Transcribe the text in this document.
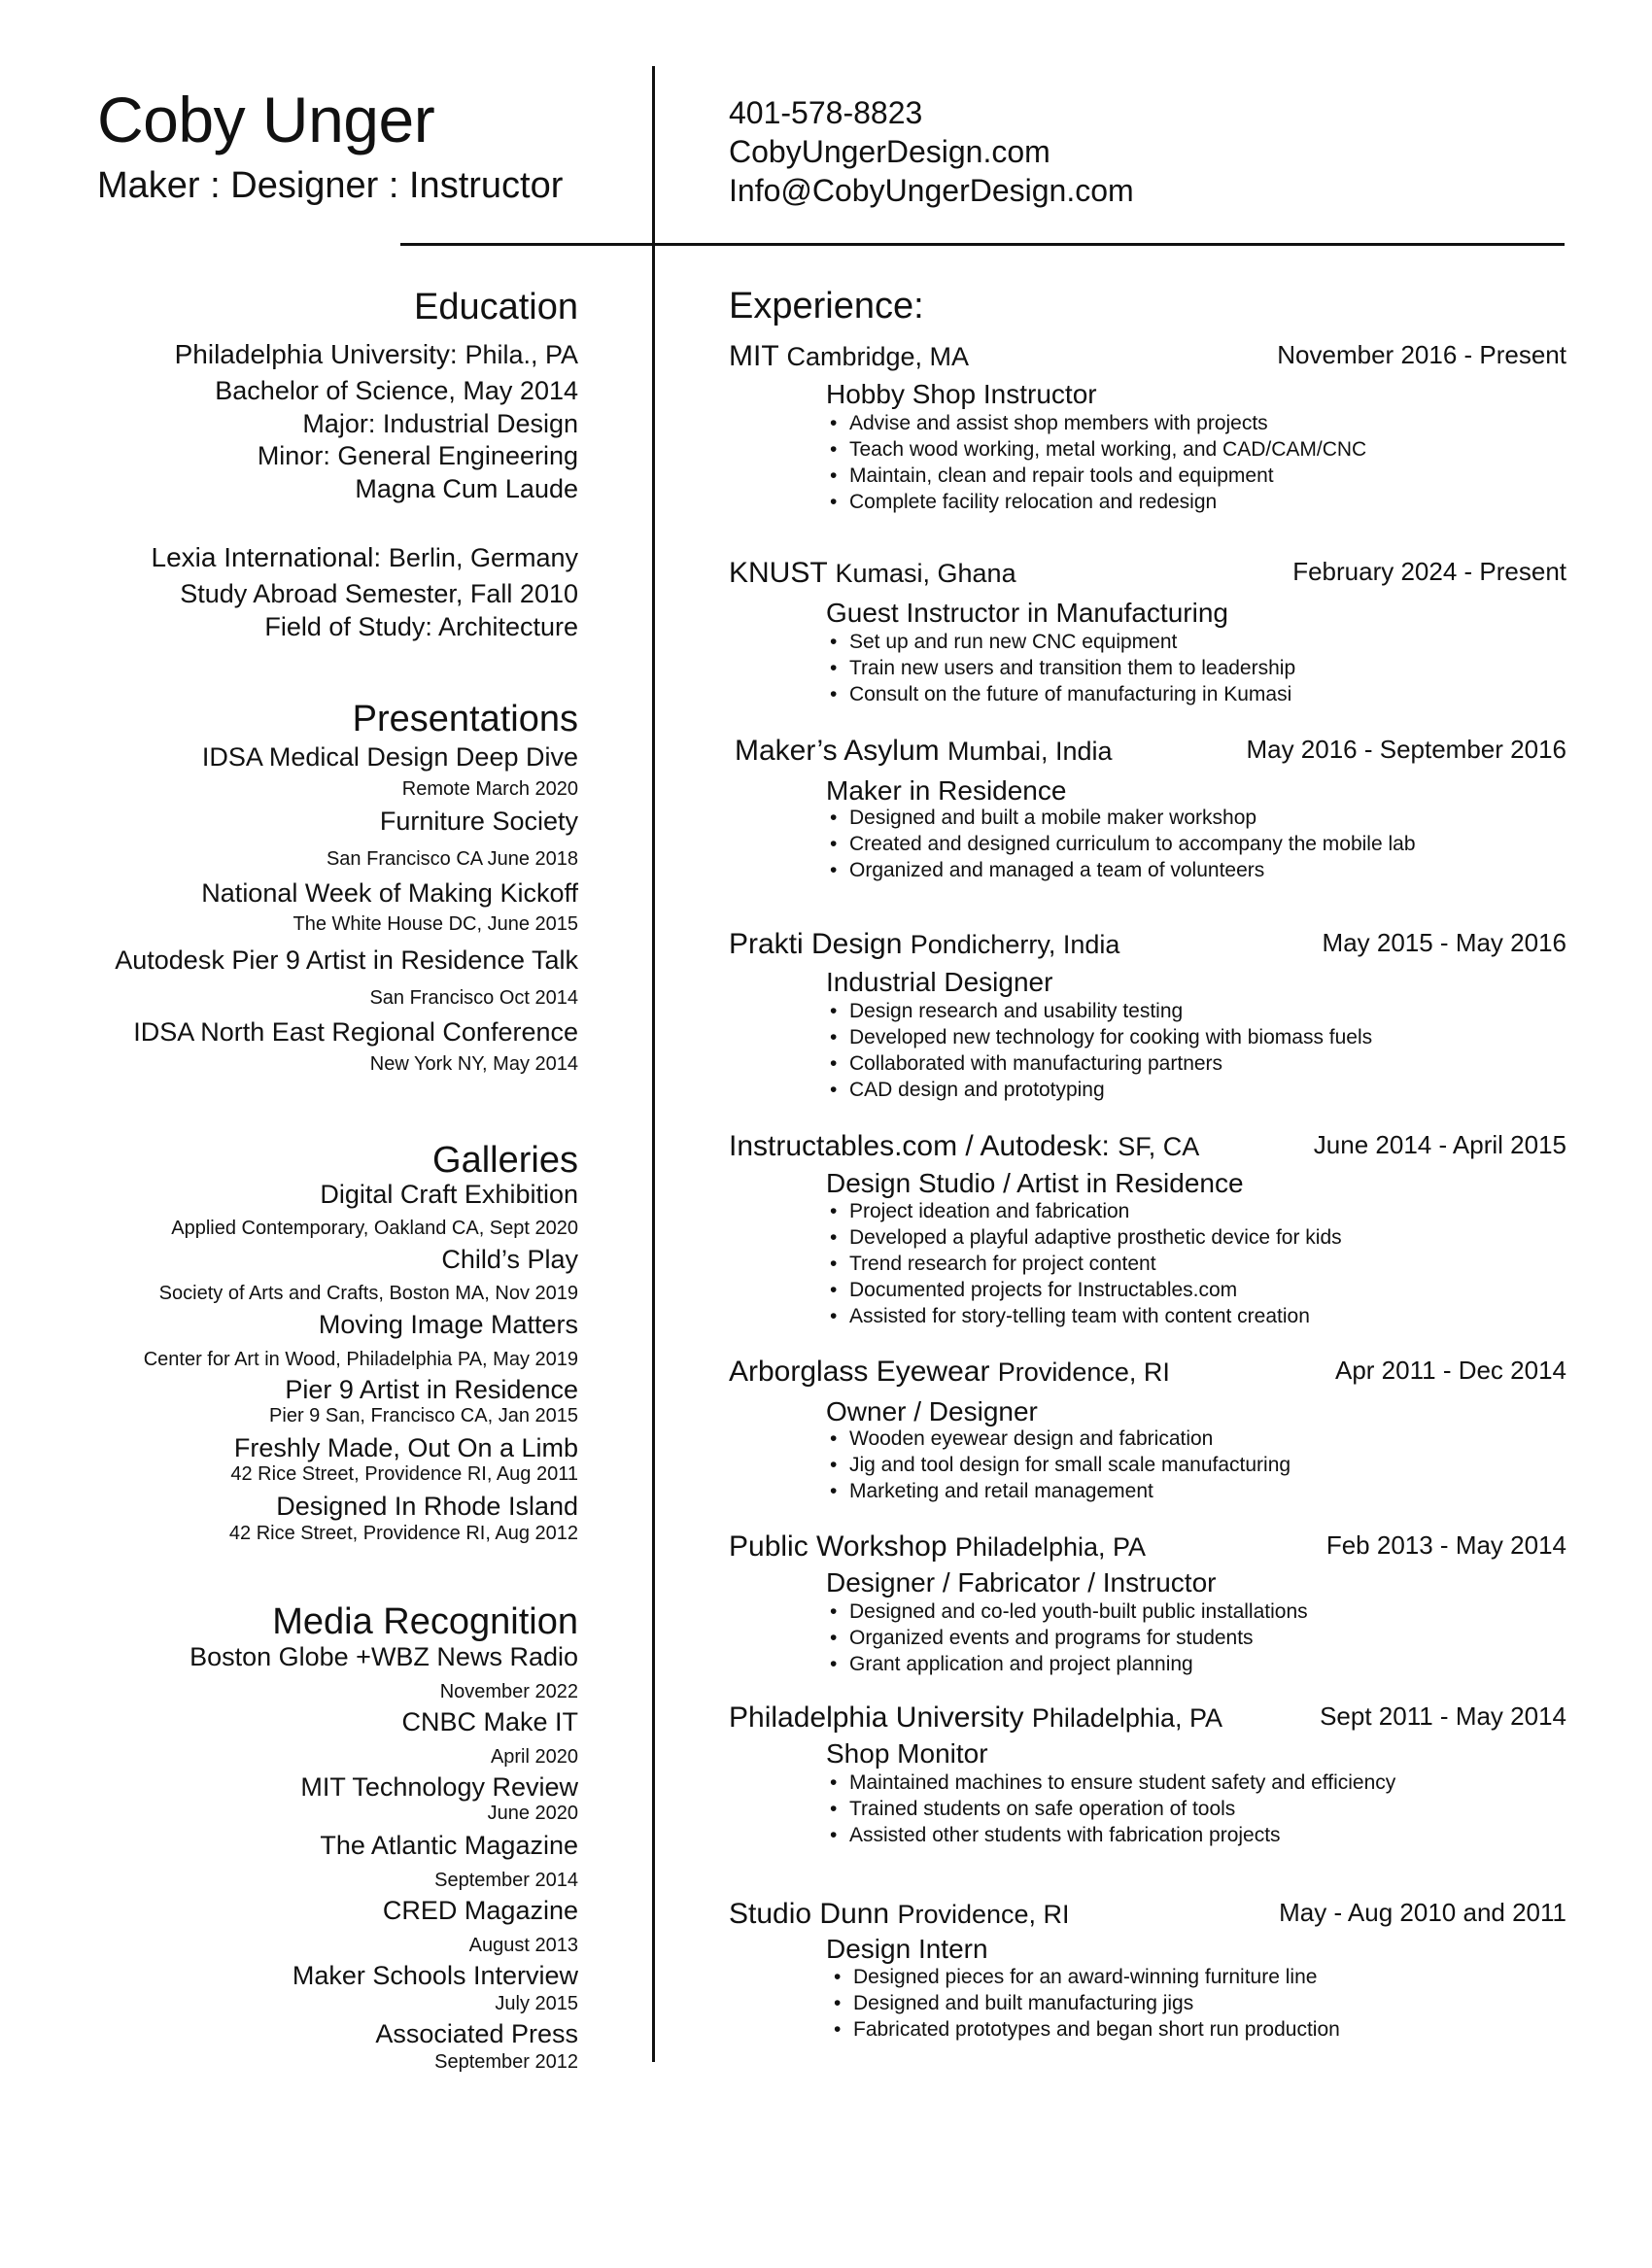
Coby Unger
Maker : Designer : Instructor
401-578-8823
CobyUngerDesign.com
Info@CobyUngerDesign.com
Education
Philadelphia University: Phila., PA
Bachelor of Science, May 2014
Major: Industrial Design
Minor: General Engineering
Magna Cum Laude
Lexia International: Berlin, Germany
Study Abroad Semester, Fall 2010
Field of Study: Architecture
Presentations
IDSA Medical Design Deep Dive
Remote March 2020
Furniture Society
San Francisco CA June 2018
National Week of Making Kickoff
The White House DC, June 2015
Autodesk Pier 9 Artist in Residence Talk
San Francisco Oct 2014
IDSA North East Regional Conference
New York NY, May 2014
Galleries
Digital Craft Exhibition
Applied Contemporary, Oakland CA, Sept 2020
Child’s Play
Society of Arts and Crafts, Boston MA, Nov 2019
Moving Image Matters
Center for Art in Wood, Philadelphia PA, May 2019
Pier 9 Artist in Residence
Pier 9 San, Francisco CA, Jan 2015
Freshly Made, Out On a Limb
42 Rice Street, Providence RI, Aug 2011
Designed In Rhode Island
42 Rice Street, Providence RI, Aug 2012
Media Recognition
Boston Globe +WBZ News Radio
November 2022
CNBC Make IT
April 2020
MIT Technology Review
June 2020
The Atlantic Magazine
September 2014
CRED Magazine
August 2013
Maker Schools Interview
July 2015
Associated Press
September 2012
Experience:
MIT Cambridge, MA	November 2016 - Present
Hobby Shop Instructor
• Advise and assist shop members with projects
• Teach wood working, metal working, and CAD/CAM/CNC
• Maintain, clean and repair tools and equipment
• Complete facility relocation and redesign
KNUST Kumasi, Ghana	February 2024 - Present
Guest Instructor in Manufacturing
• Set up and run new CNC equipment
• Train new users and transition them to leadership
• Consult on the future of manufacturing in Kumasi
Maker’s Asylum Mumbai, India	May 2016 - September 2016
Maker in Residence
• Designed and built a mobile maker workshop
• Created and designed curriculum to accompany the mobile lab
• Organized and managed a team of volunteers
Prakti Design Pondicherry, India	May 2015 - May 2016
Industrial Designer
• Design research and usability testing
• Developed new technology for cooking with biomass fuels
• Collaborated with manufacturing partners
• CAD design and prototyping
Instructables.com / Autodesk: SF, CA	June 2014 - April 2015
Design Studio / Artist in Residence
• Project ideation and fabrication
• Developed a playful adaptive prosthetic device for kids
• Trend research for project content
• Documented projects for Instructables.com
• Assisted for story-telling team with content creation
Arborglass Eyewear Providence, RI	Apr 2011 - Dec 2014
Owner / Designer
• Wooden eyewear design and fabrication
• Jig and tool design for small scale manufacturing
• Marketing and retail management
Public Workshop Philadelphia, PA	Feb 2013 - May 2014
Designer / Fabricator / Instructor
• Designed and co-led youth-built public installations
• Organized events and programs for students
• Grant application and project planning
Philadelphia University Philadelphia, PA	Sept 2011 - May 2014
Shop Monitor
• Maintained machines to ensure student safety and efficiency
• Trained students on safe operation of tools
• Assisted other students with fabrication projects
Studio Dunn Providence, RI	May - Aug 2010 and 2011
Design Intern
• Designed pieces for an award-winning furniture line
• Designed and built manufacturing jigs
• Fabricated prototypes and began short run production
